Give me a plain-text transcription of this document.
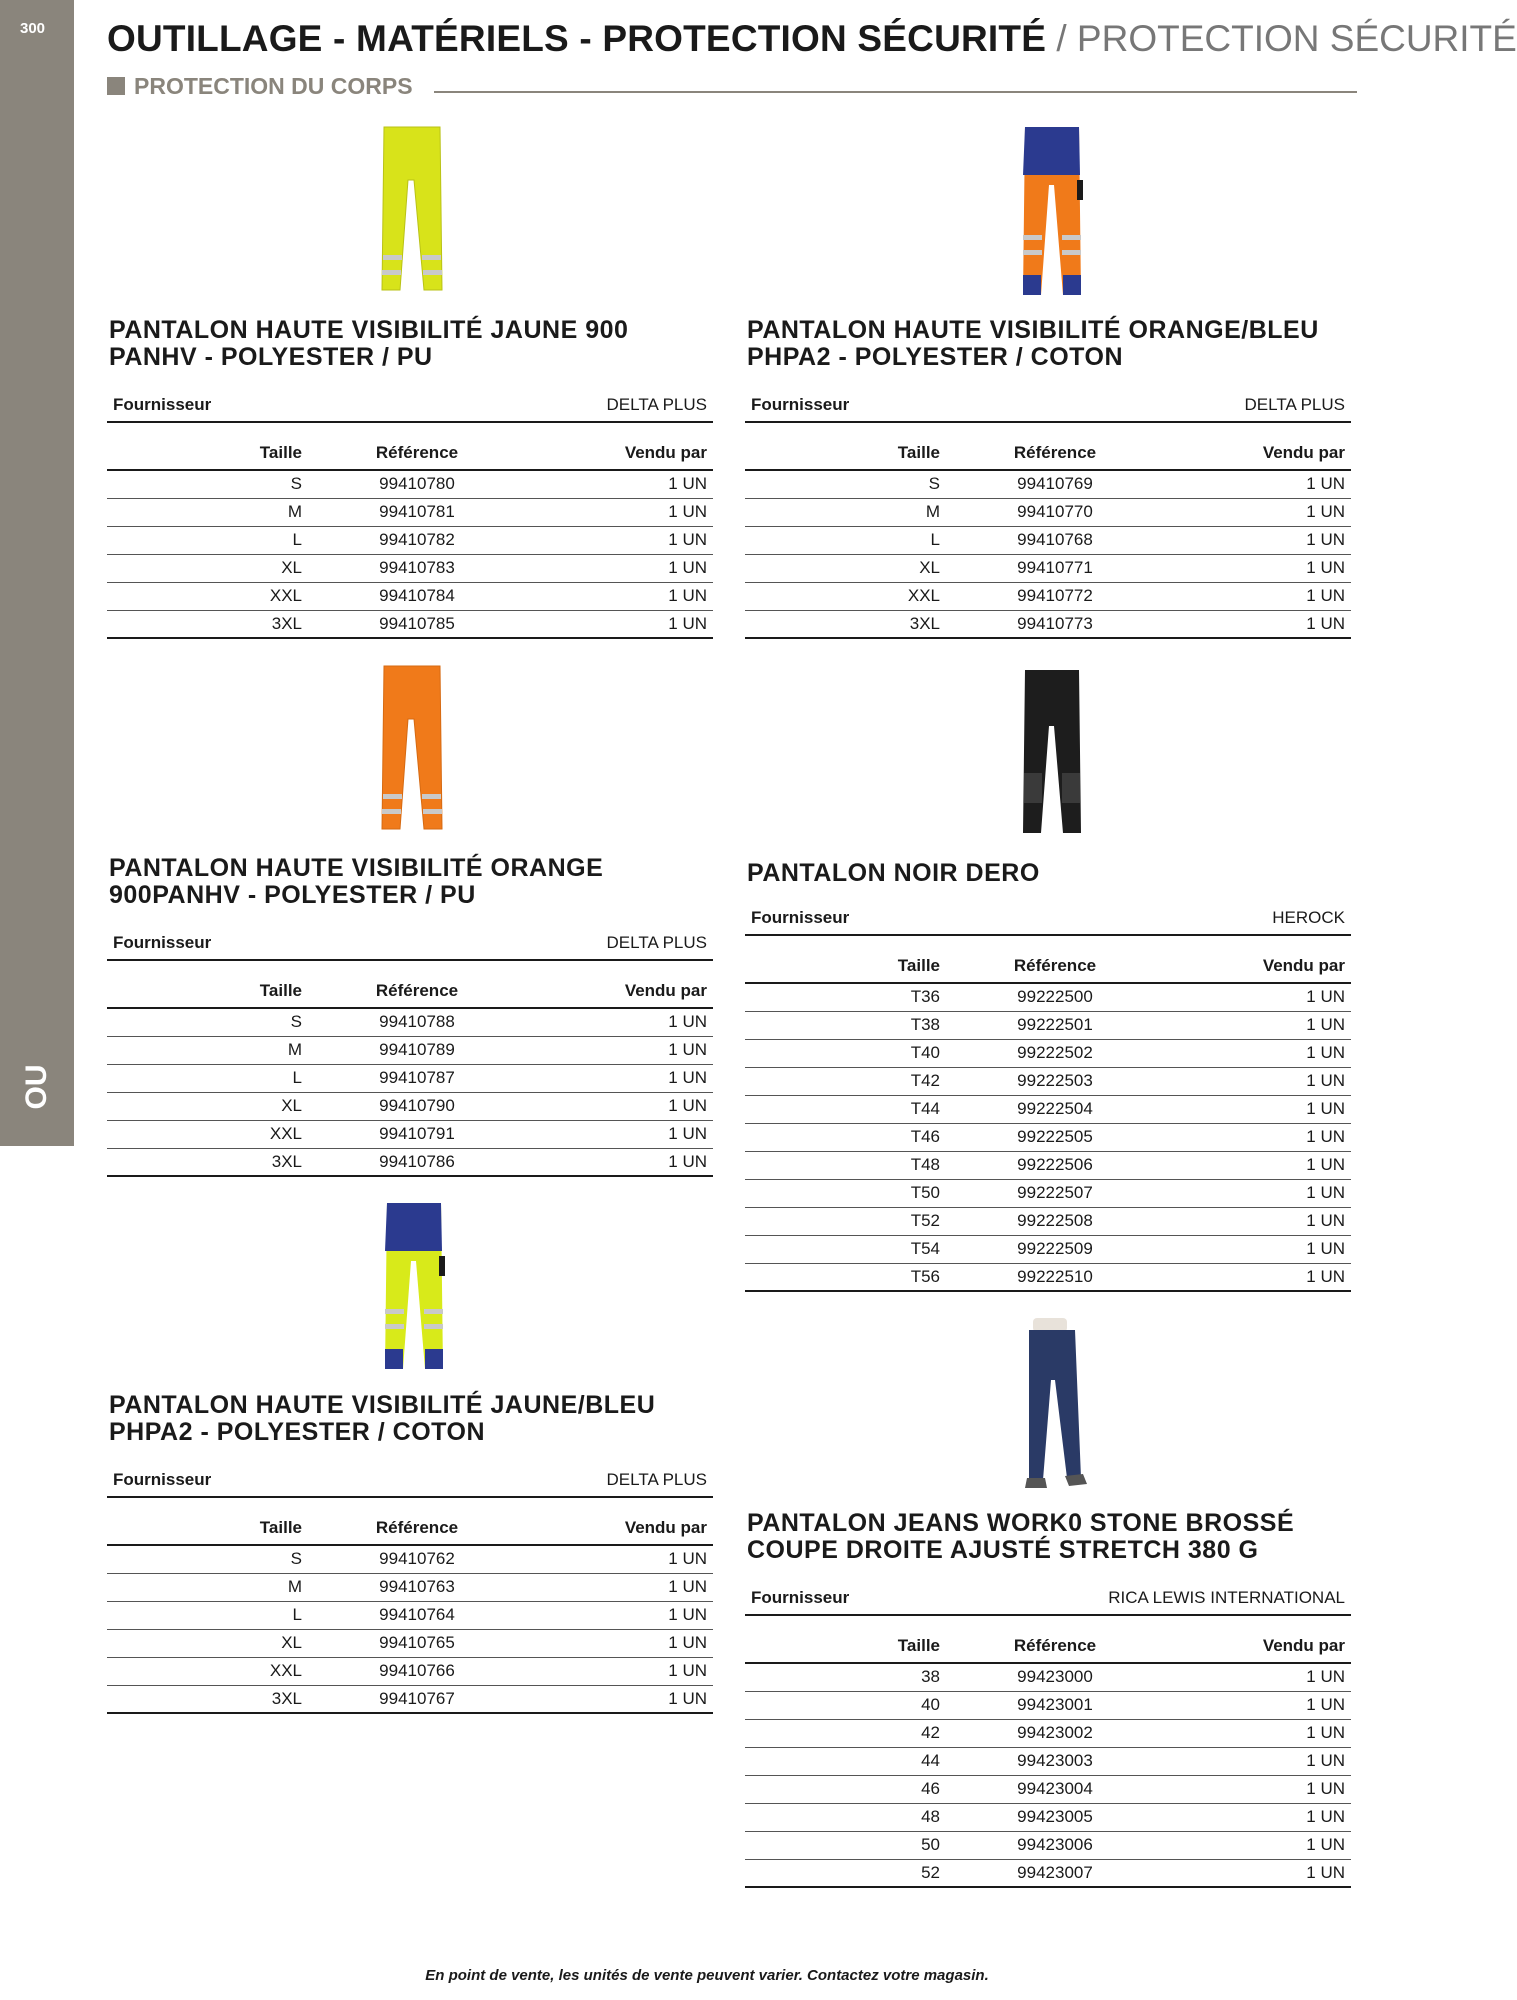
300
OU
OUTILLAGE - MATÉRIELS - PROTECTION SÉCURITÉ / PROTECTION SÉCURITÉ
PROTECTION DU CORPS
PANTALON HAUTE VISIBILITÉ JAUNE 900
PANHV - POLYESTER / PU
Fournisseur	DELTA PLUS
Taille	Référence	Vendu par
S	99410780	1 UN
M	99410781	1 UN
L	99410782	1 UN
XL	99410783	1 UN
XXL	99410784	1 UN
3XL	99410785	1 UN
PANTALON HAUTE VISIBILITÉ ORANGE/BLEU
PHPA2 - POLYESTER / COTON
Fournisseur	DELTA PLUS
Taille	Référence	Vendu par
S	99410769	1 UN
M	99410770	1 UN
L	99410768	1 UN
XL	99410771	1 UN
XXL	99410772	1 UN
3XL	99410773	1 UN
PANTALON HAUTE VISIBILITÉ ORANGE
900PANHV - POLYESTER / PU
Fournisseur	DELTA PLUS
Taille	Référence	Vendu par
S	99410788	1 UN
M	99410789	1 UN
L	99410787	1 UN
XL	99410790	1 UN
XXL	99410791	1 UN
3XL	99410786	1 UN
PANTALON NOIR DERO
Fournisseur	HEROCK
Taille	Référence	Vendu par
T36	99222500	1 UN
T38	99222501	1 UN
T40	99222502	1 UN
T42	99222503	1 UN
T44	99222504	1 UN
T46	99222505	1 UN
T48	99222506	1 UN
T50	99222507	1 UN
T52	99222508	1 UN
T54	99222509	1 UN
T56	99222510	1 UN
PANTALON HAUTE VISIBILITÉ JAUNE/BLEU
PHPA2 - POLYESTER / COTON
Fournisseur	DELTA PLUS
Taille	Référence	Vendu par
S	99410762	1 UN
M	99410763	1 UN
L	99410764	1 UN
XL	99410765	1 UN
XXL	99410766	1 UN
3XL	99410767	1 UN
PANTALON JEANS WORK0 STONE BROSSÉ
COUPE DROITE AJUSTÉ STRETCH 380 G
Fournisseur	RICA LEWIS INTERNATIONAL
Taille	Référence	Vendu par
38	99423000	1 UN
40	99423001	1 UN
42	99423002	1 UN
44	99423003	1 UN
46	99423004	1 UN
48	99423005	1 UN
50	99423006	1 UN
52	99423007	1 UN
En point de vente, les unités de vente peuvent varier. Contactez votre magasin.
